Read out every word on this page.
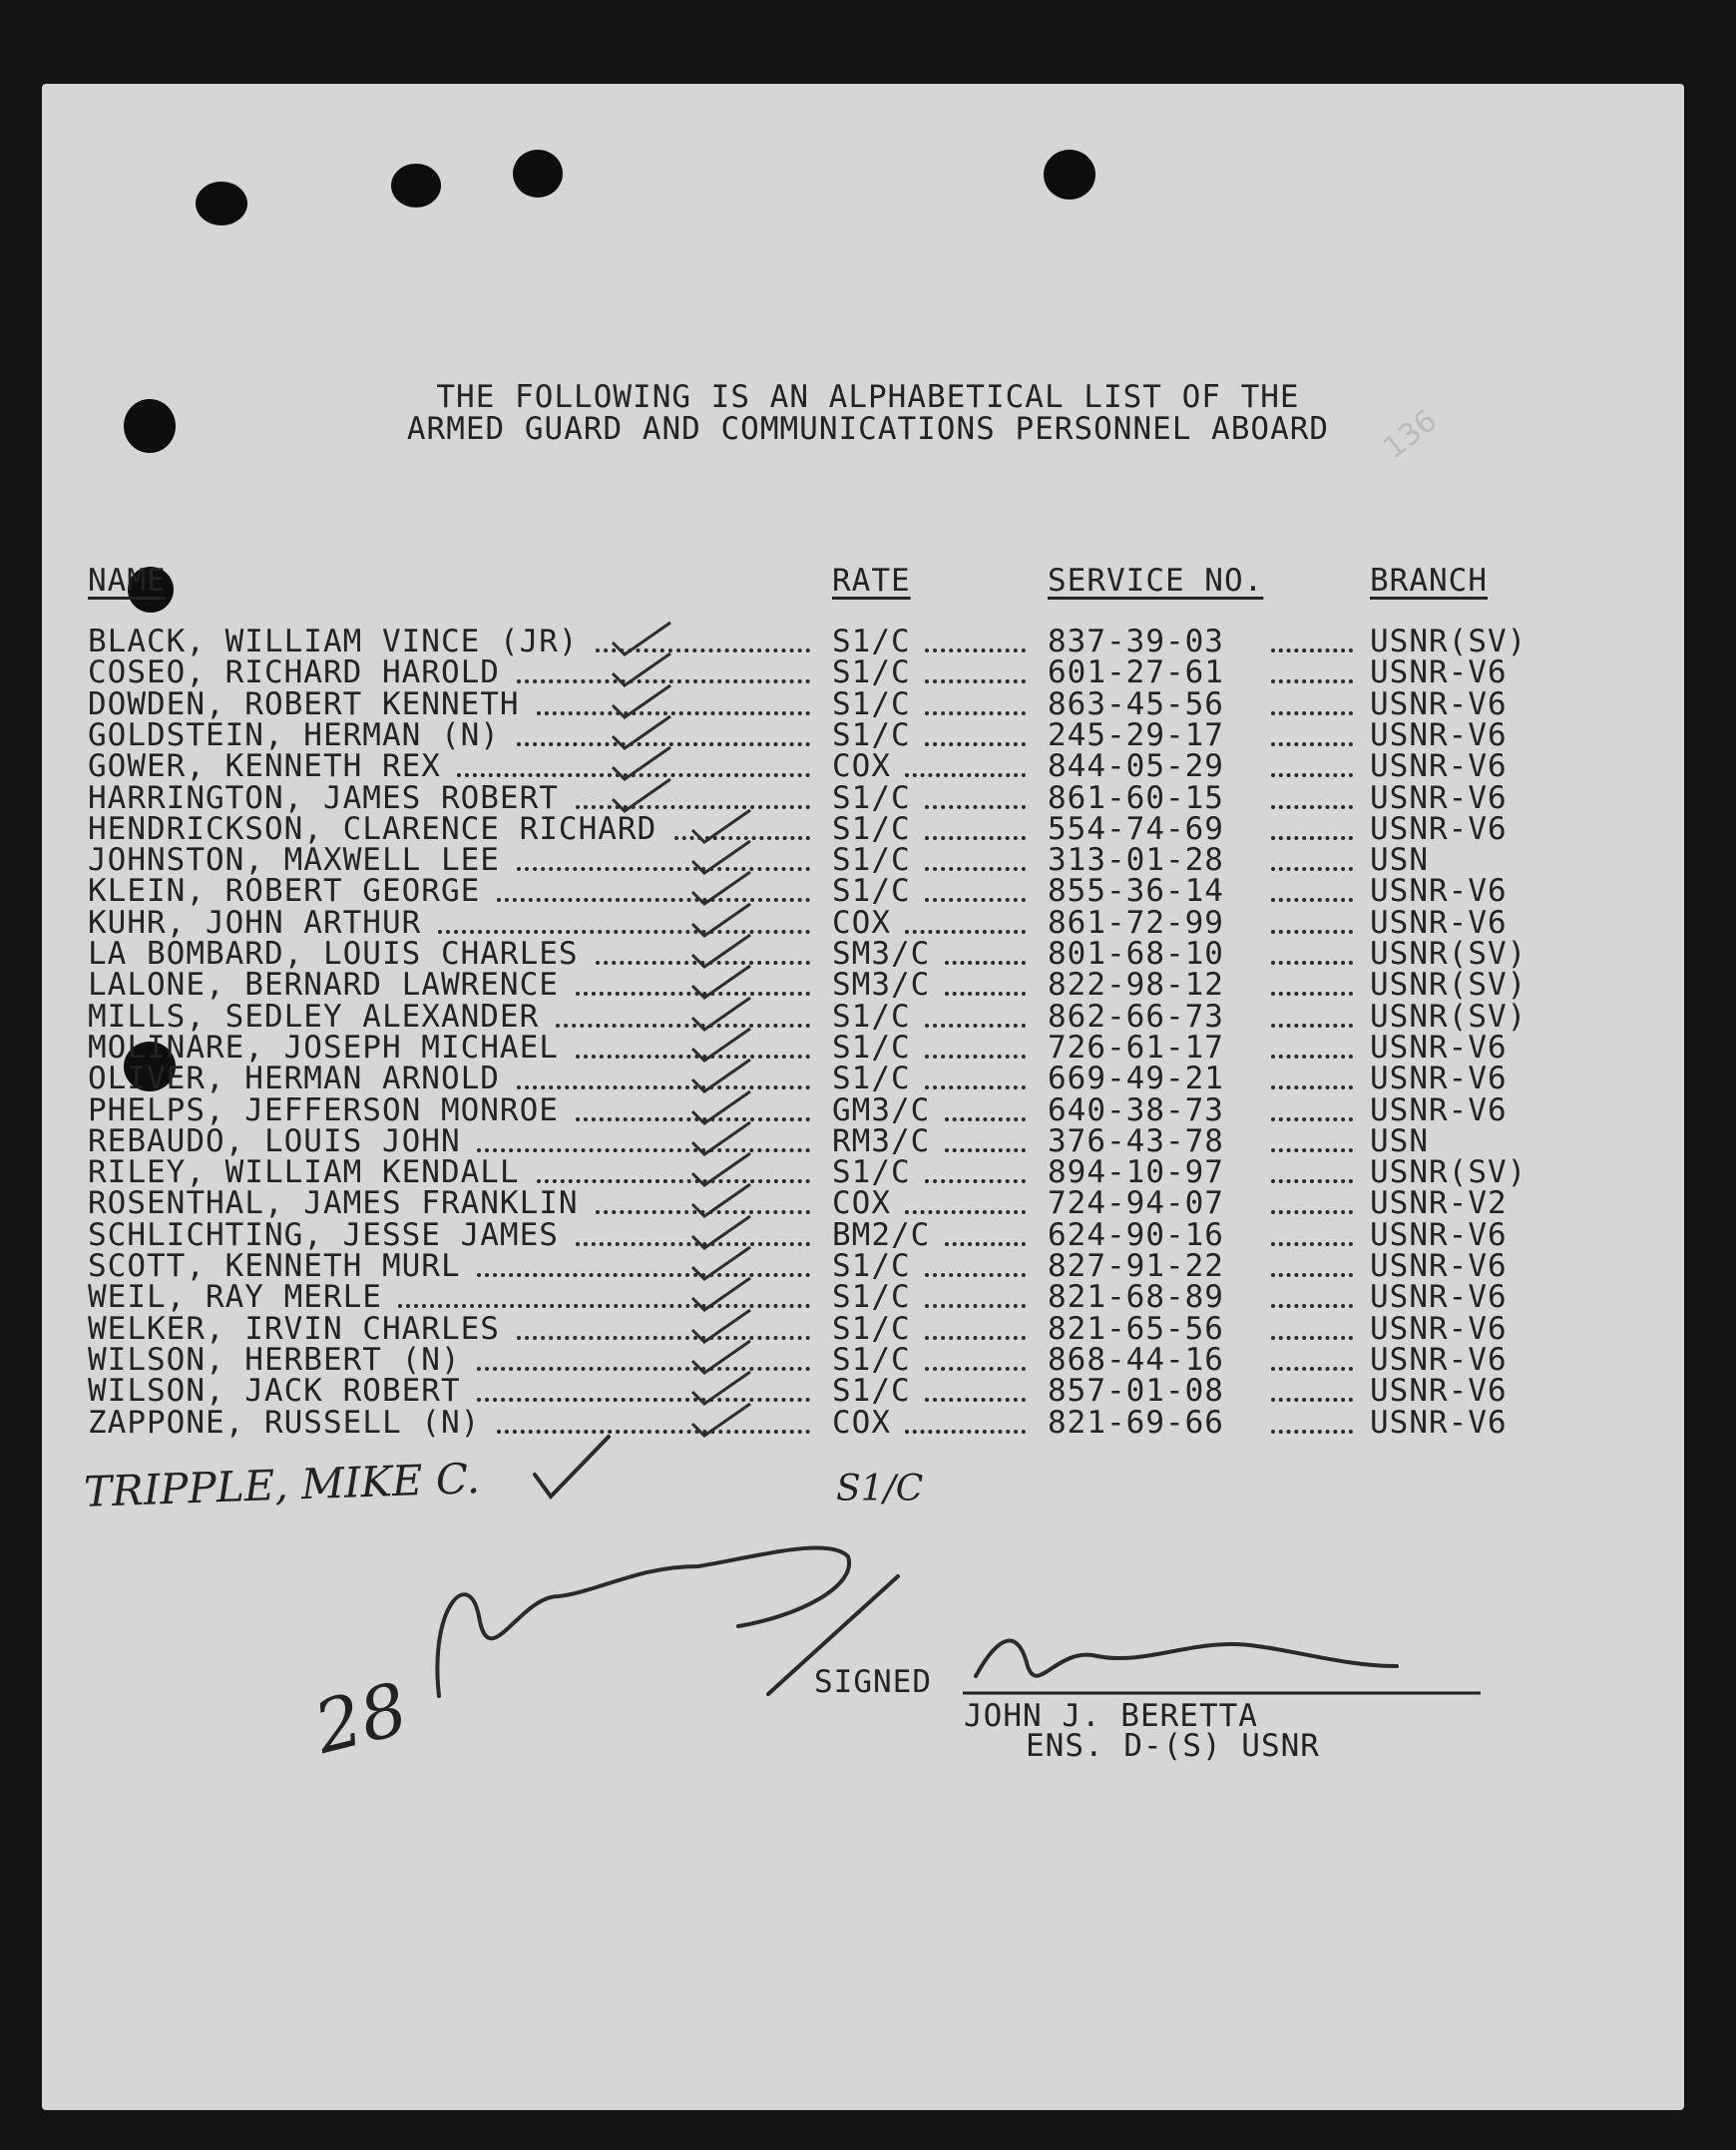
136
THE FOLLOWING IS AN ALPHABETICAL LIST OF THE
ARMED GUARD AND COMMUNICATIONS PERSONNEL ABOARD
NAME	RATE	SERVICE NO.	BRANCH
BLACK, WILLIAM VINCE (JR)	S1/C	837-39-03	USNR(SV)
COSEO, RICHARD HAROLD	S1/C	601-27-61	USNR-V6
DOWDEN, ROBERT KENNETH	S1/C	863-45-56	USNR-V6
GOLDSTEIN, HERMAN (N)	S1/C	245-29-17	USNR-V6
GOWER, KENNETH REX	COX	844-05-29	USNR-V6
HARRINGTON, JAMES ROBERT	S1/C	861-60-15	USNR-V6
HENDRICKSON, CLARENCE RICHARD	S1/C	554-74-69	USNR-V6
JOHNSTON, MAXWELL LEE	S1/C	313-01-28	USN
KLEIN, ROBERT GEORGE	S1/C	855-36-14	USNR-V6
KUHR, JOHN ARTHUR	COX	861-72-99	USNR-V6
LA BOMBARD, LOUIS CHARLES	SM3/C	801-68-10	USNR(SV)
LALONE, BERNARD LAWRENCE	SM3/C	822-98-12	USNR(SV)
MILLS, SEDLEY ALEXANDER	S1/C	862-66-73	USNR(SV)
MOLINARE, JOSEPH MICHAEL	S1/C	726-61-17	USNR-V6
OLIVER, HERMAN ARNOLD	S1/C	669-49-21	USNR-V6
PHELPS, JEFFERSON MONROE	GM3/C	640-38-73	USNR-V6
REBAUDO, LOUIS JOHN	RM3/C	376-43-78	USN
RILEY, WILLIAM KENDALL	S1/C	894-10-97	USNR(SV)
ROSENTHAL, JAMES FRANKLIN	COX	724-94-07	USNR-V2
SCHLICHTING, JESSE JAMES	BM2/C	624-90-16	USNR-V6
SCOTT, KENNETH MURL	S1/C	827-91-22	USNR-V6
WEIL, RAY MERLE	S1/C	821-68-89	USNR-V6
WELKER, IRVIN CHARLES	S1/C	821-65-56	USNR-V6
WILSON, HERBERT (N)	S1/C	868-44-16	USNR-V6
WILSON, JACK ROBERT	S1/C	857-01-08	USNR-V6
ZAPPONE, RUSSELL (N)	COX	821-69-66	USNR-V6
TRIPPLE, MIKE C.	S1/C
28	SIGNED
JOHN J. BERETTA
ENS. D-(S) USNR
